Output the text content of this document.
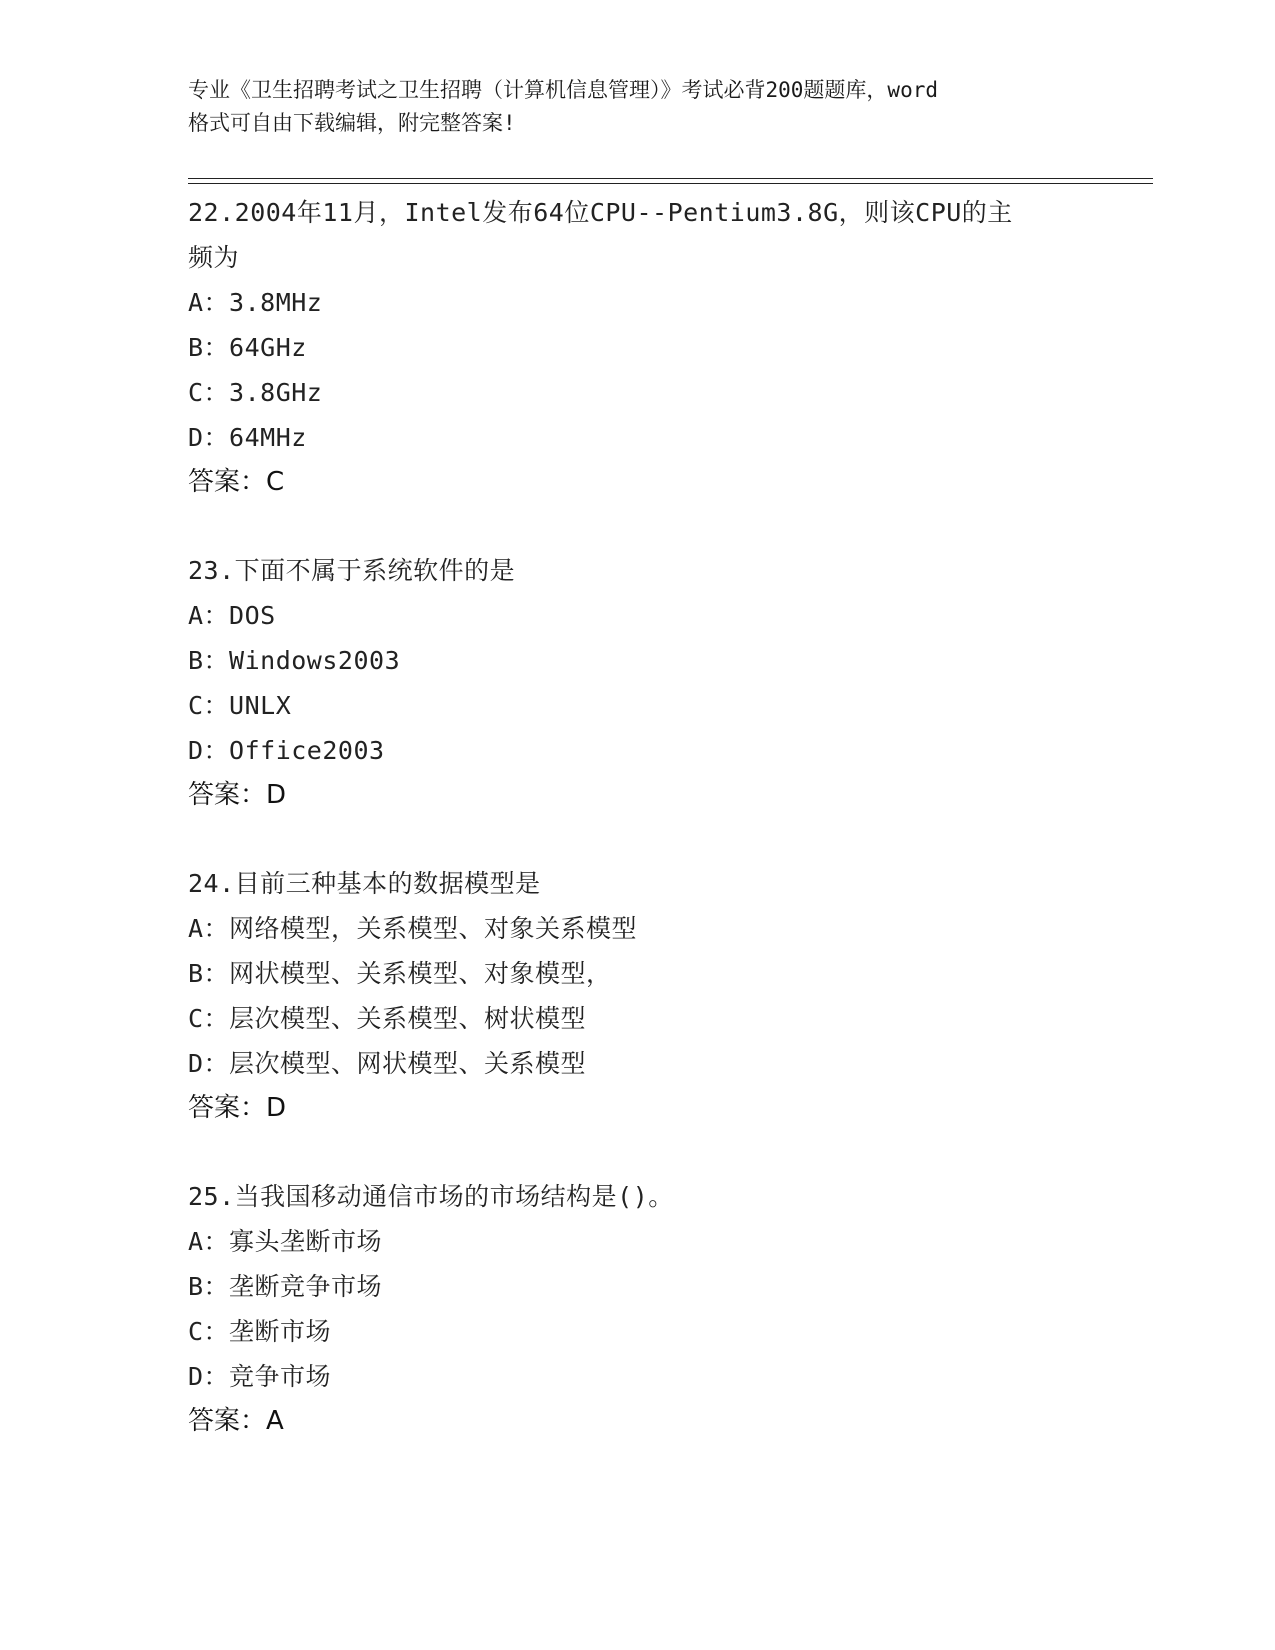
专业《卫生招聘考试之卫生招聘（计算机信息管理）》考试必背200题题库，word
格式可自由下载编辑，附完整答案!
22.2004年11月，Intel发布64位CPU--Pentium3.8G，则该CPU的主
频为
A：3.8MHz
B：64GHz
C：3.8GHz
D：64MHz
答案：C
23.下面不属于系统软件的是
A：DOS
B：Windows2003
C：UNLX
D：Office2003
答案：D
24.目前三种基本的数据模型是
A：网络模型，关系模型、对象关系模型
B：网状模型、关系模型、对象模型，
C：层次模型、关系模型、树状模型
D：层次模型、网状模型、关系模型
答案：D
25.当我国移动通信市场的市场结构是()。
A：寡头垄断市场
B：垄断竞争市场
C：垄断市场
D：竞争市场
答案：A
